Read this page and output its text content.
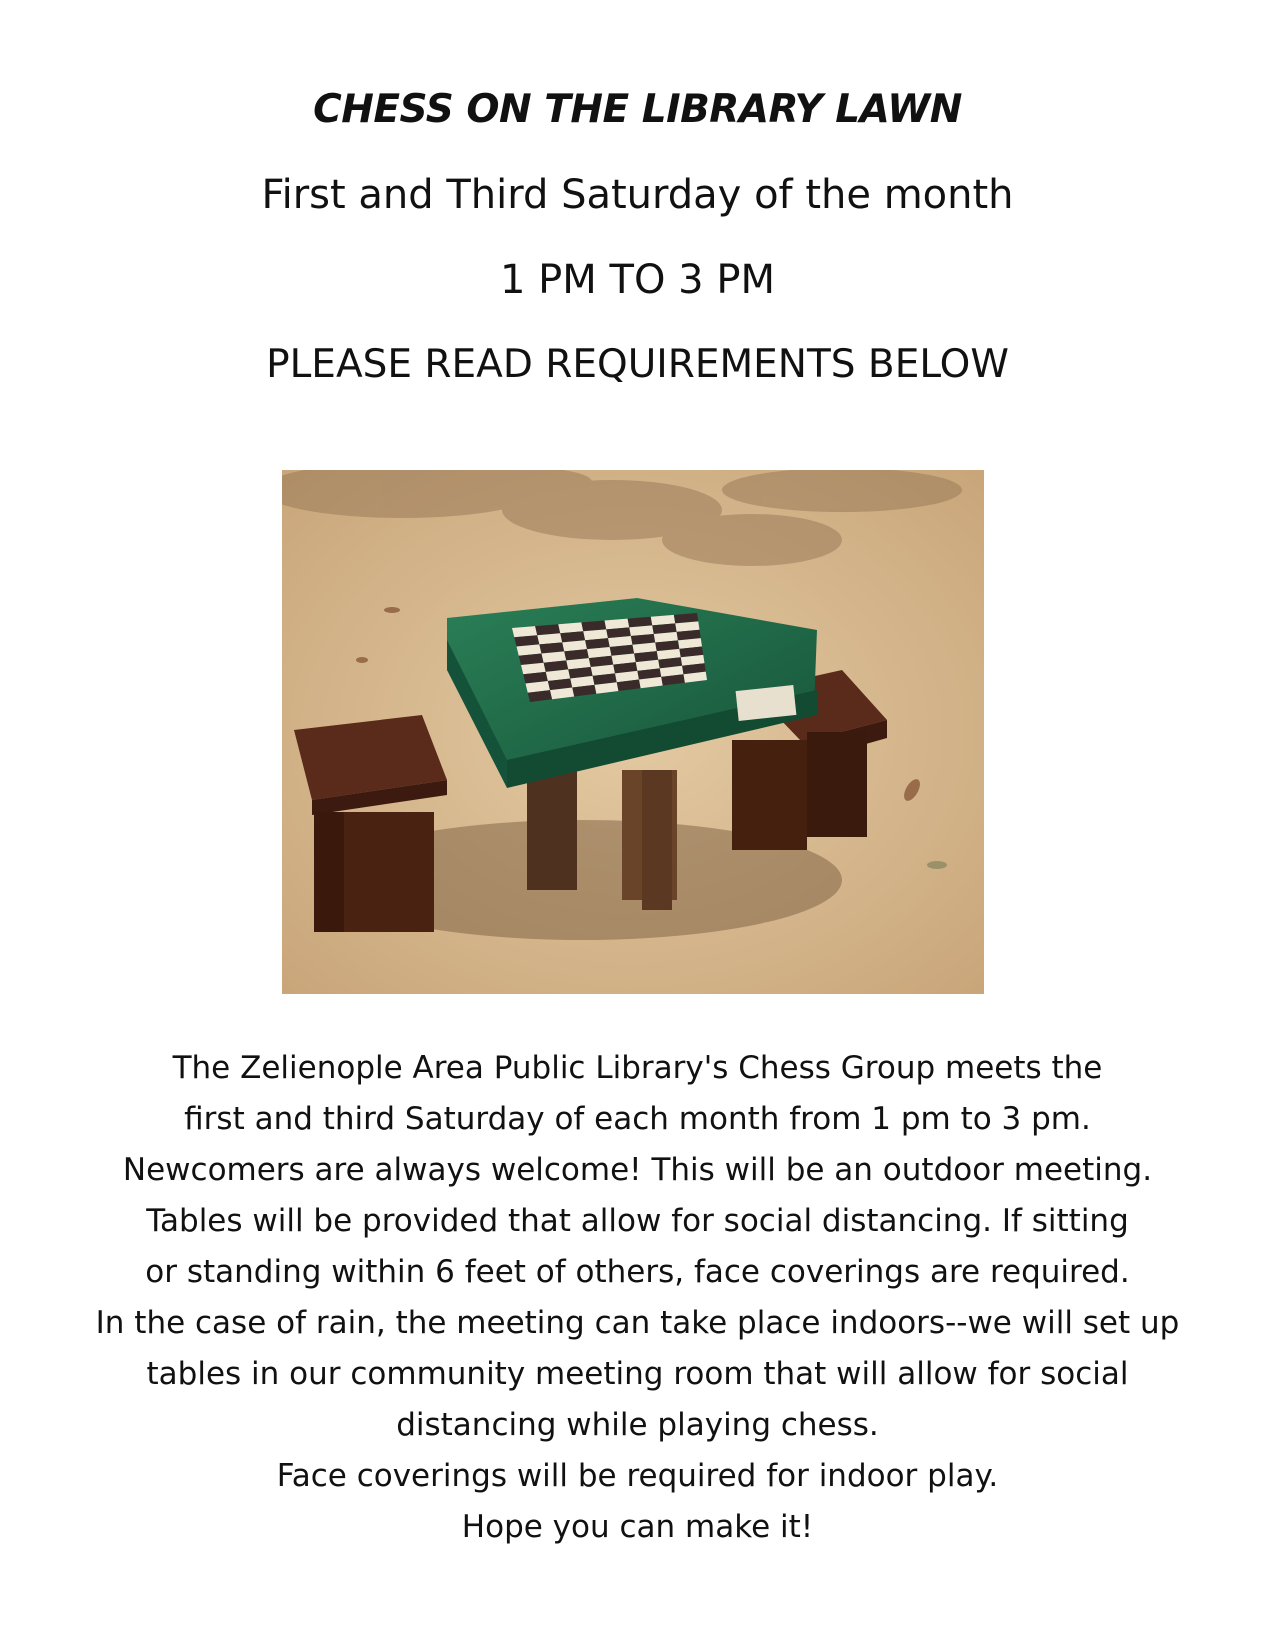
CHESS ON THE LIBRARY LAWN
First and Third Saturday of the month
1 PM TO 3 PM
PLEASE READ REQUIREMENTS BELOW
The Zelienople Area Public Library's Chess Group meets the
first and third Saturday of each month from 1 pm to 3 pm.
Newcomers are always welcome! This will be an outdoor meeting.
Tables will be provided that allow for social distancing. If sitting
or standing within 6 feet of others, face coverings are required.
In the case of rain, the meeting can take place indoors--we will set up
tables in our community meeting room that will allow for social
distancing while playing chess.
Face coverings will be required for indoor play.
Hope you can make it!
